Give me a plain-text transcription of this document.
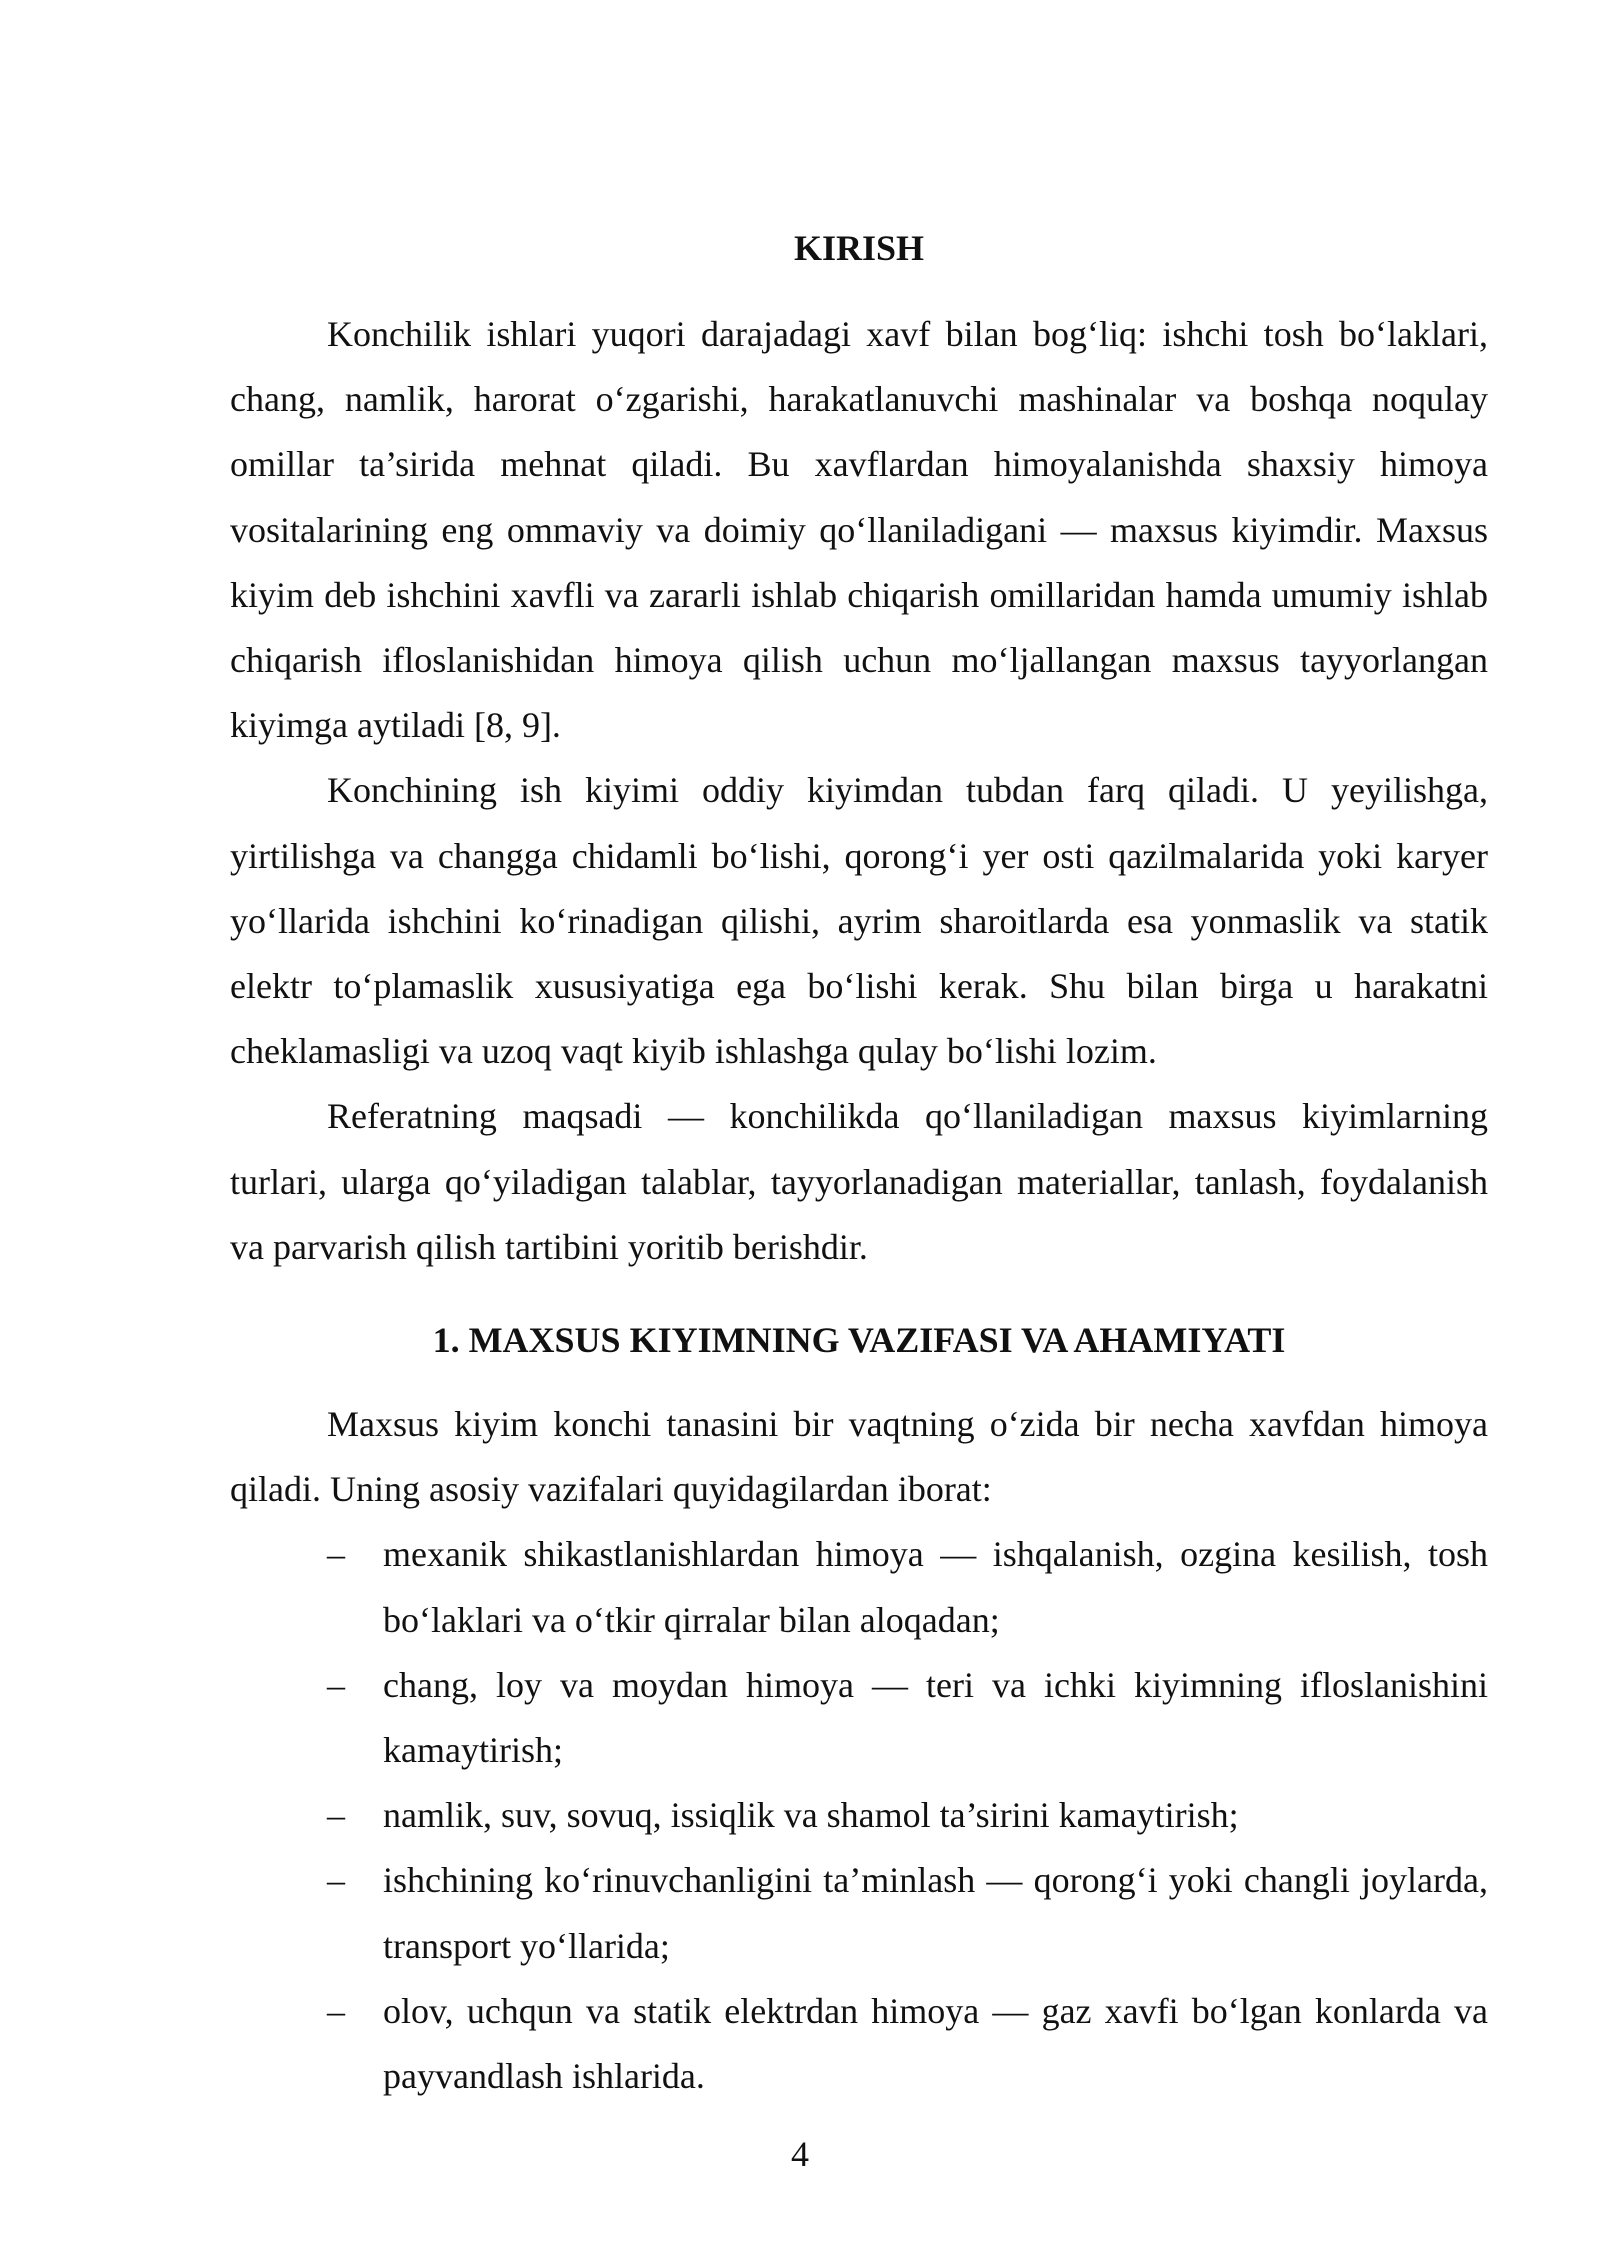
KIRISH

Konchilik ishlari yuqori darajadagi xavf bilan bog‘liq: ishchi tosh bo‘laklari, chang, namlik, harorat o‘zgarishi, harakatlanuvchi mashinalar va boshqa noqulay omillar ta’sirida mehnat qiladi. Bu xavflardan himoyalanishda shaxsiy himoya vositalarining eng ommaviy va doimiy qo‘llaniladigani — maxsus kiyimdir. Maxsus kiyim deb ishchini xavfli va zararli ishlab chiqarish omillaridan hamda umumiy ishlab chiqarish ifloslanishidan himoya qilish uchun mo‘ljallangan maxsus tayyorlangan kiyimga aytiladi [8, 9].

Konchining ish kiyimi oddiy kiyimdan tubdan farq qiladi. U yeyilishga, yirtilishga va changga chidamli bo‘lishi, qorong‘i yer osti qazilmalarida yoki karyer yo‘llarida ishchini ko‘rinadigan qilishi, ayrim sharoitlarda esa yonmaslik va statik elektr to‘plamaslik xususiyatiga ega bo‘lishi kerak. Shu bilan birga u harakatni cheklamasligi va uzoq vaqt kiyib ishlashga qulay bo‘lishi lozim.

Referatning maqsadi — konchilikda qo‘llaniladigan maxsus kiyimlarning turlari, ularga qo‘yiladigan talablar, tayyorlanadigan materiallar, tanlash, foydalanish va parvarish qilish tartibini yoritib berishdir.

1. MAXSUS KIYIMNING VAZIFASI VA AHAMIYATI

Maxsus kiyim konchi tanasini bir vaqtning o‘zida bir necha xavfdan himoya qiladi. Uning asosiy vazifalari quyidagilardan iborat:

– mexanik shikastlanishlardan himoya — ishqalanish, ozgina kesilish, tosh bo‘laklari va o‘tkir qirralar bilan aloqadan;
– chang, loy va moydan himoya — teri va ichki kiyimning ifloslanishini kamaytirish;
– namlik, suv, sovuq, issiqlik va shamol ta’sirini kamaytirish;
– ishchining ko‘rinuvchanligini ta’minlash — qorong‘i yoki changli joylarda, transport yo‘llarida;
– olov, uchqun va statik elektrdan himoya — gaz xavfi bo‘lgan konlarda va payvandlash ishlarida.
4
